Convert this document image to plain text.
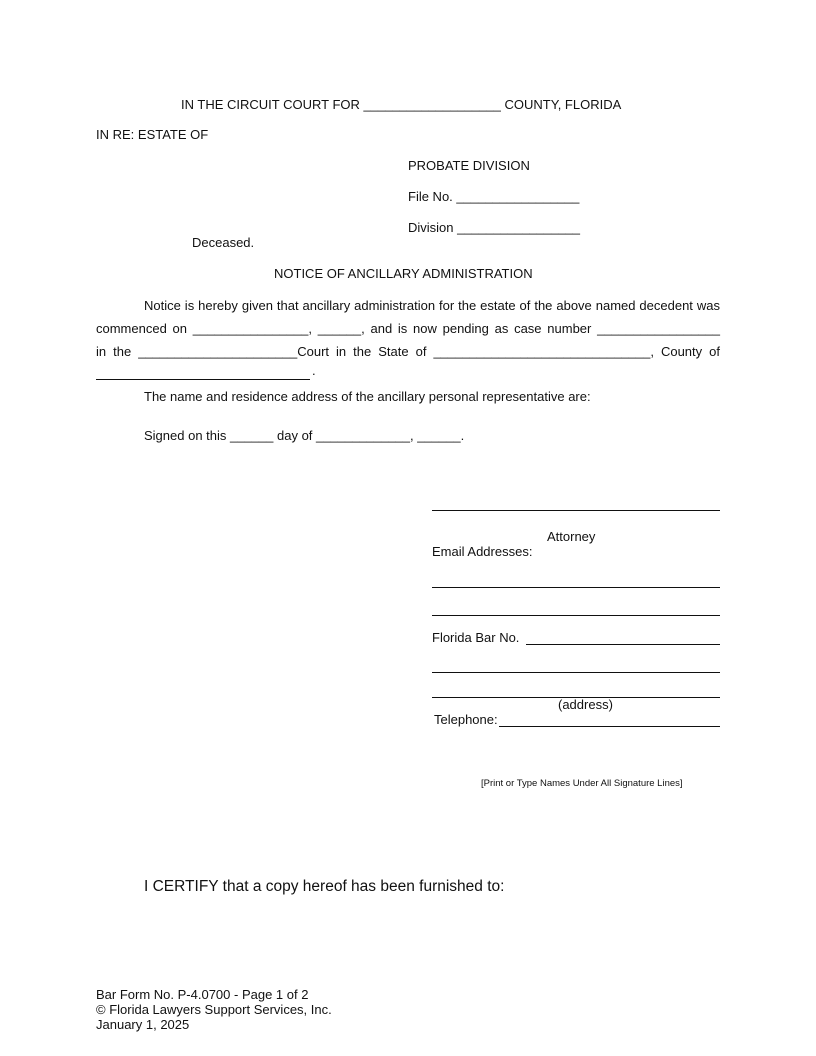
IN THE CIRCUIT COURT FOR ___________________ COUNTY, FLORIDA
IN RE: ESTATE OF
PROBATE DIVISION
File No. _________________
Division _________________
Deceased.
NOTICE OF ANCILLARY ADMINISTRATION
Notice is hereby given that ancillary administration for the estate of the above named decedent was
commenced on ________________, ______, and is now pending as case number _________________
in the ______________________Court in the State of ______________________________, County of
.
The name and residence address of the ancillary personal representative are:
Signed on this ______ day of _____________, ______.
Attorney
Email Addresses:
Florida Bar No.
(address)
Telephone:
[Print or Type Names Under All Signature Lines]
I CERTIFY that a copy hereof has been furnished to:
Bar Form No. P-4.0700 - Page 1 of 2
© Florida Lawyers Support Services, Inc.
January 1, 2025
